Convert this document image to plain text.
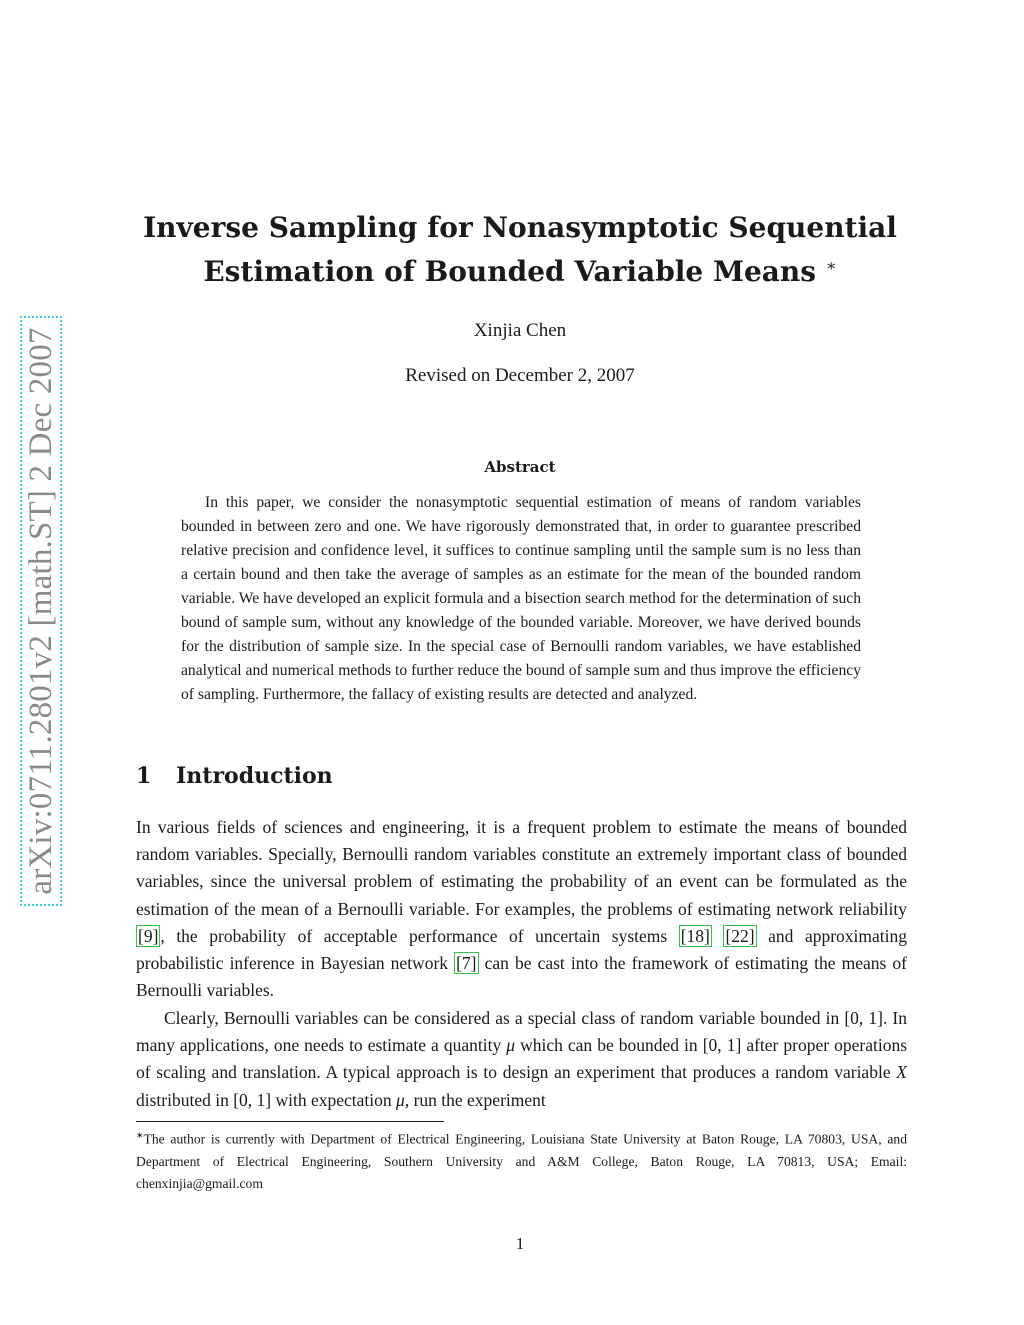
arXiv:0711.2801v2 [math.ST] 2 Dec 2007
Inverse Sampling for Nonasymptotic Sequential
Estimation of Bounded Variable Means ∗
Xinjia Chen
Revised on December 2, 2007
Abstract
In this paper, we consider the nonasymptotic sequential estimation of means of random variables bounded in between zero and one. We have rigorously demonstrated that, in order to guarantee prescribed relative precision and confidence level, it suffices to continue sampling until the sample sum is no less than a certain bound and then take the average of samples as an estimate for the mean of the bounded random variable. We have developed an explicit formula and a bisection search method for the determination of such bound of sample sum, without any knowledge of the bounded variable. Moreover, we have derived bounds for the distribution of sample size. In the special case of Bernoulli random variables, we have established analytical and numerical methods to further reduce the bound of sample sum and thus improve the efficiency of sampling. Furthermore, the fallacy of existing results are detected and analyzed.
1 Introduction
In various fields of sciences and engineering, it is a frequent problem to estimate the means of bounded random variables. Specially, Bernoulli random variables constitute an extremely important class of bounded variables, since the universal problem of estimating the probability of an event can be formulated as the estimation of the mean of a Bernoulli variable. For examples, the problems of estimating network reliability [9] , the probability of acceptable performance of uncertain systems [18] [22] and approximating probabilistic inference in Bayesian network [7] can be cast into the framework of estimating the means of Bernoulli variables.
Clearly, Bernoulli variables can be considered as a special class of random variable bounded in [0, 1]. In many applications, one needs to estimate a quantity μ which can be bounded in [0, 1] after proper operations of scaling and translation. A typical approach is to design an experiment that produces a random variable X distributed in [0, 1] with expectation μ, run the experiment
∗The author is currently with Department of Electrical Engineering, Louisiana State University at Baton Rouge, LA 70803, USA, and Department of Electrical Engineering, Southern University and A&M College, Baton Rouge, LA 70813, USA; Email: chenxinjia@gmail.com
1
